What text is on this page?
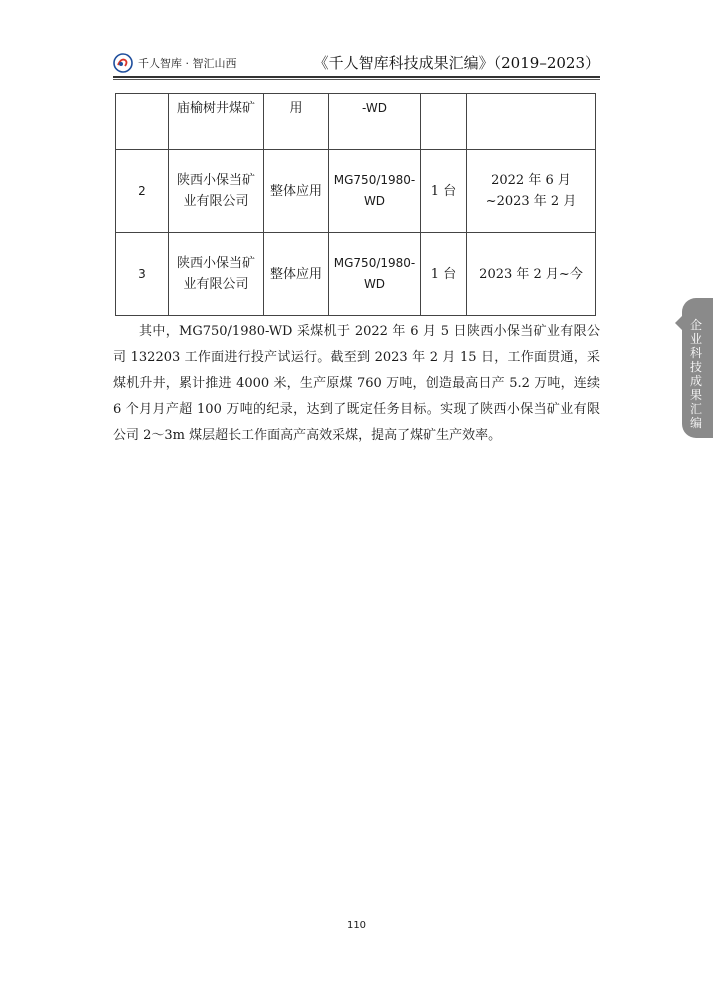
千人智库 · 智汇山西	《千人智库科技成果汇编》（2019–2023）
	庙榆树井煤矿	用	-WD		
2	陕西小保当矿业有限公司	整体应用	MG750/1980-WD	1 台	2022 年 6 月~2023 年 2 月
3	陕西小保当矿业有限公司	整体应用	MG750/1980-WD	1 台	2023 年 2 月~今

其中，MG750/1980-WD 采煤机于 2022 年 6 月 5 日陕西小保当矿业有限公司 132203 工作面进行投产试运行。截至到 2023 年 2 月 15 日，工作面贯通，采煤机升井，累计推进 4000 米，生产原煤 760 万吨，创造最高日产 5.2 万吨，连续 6 个月月产超 100 万吨的纪录，达到了既定任务目标。实现了陕西小保当矿业有限公司 2～3m 煤层超长工作面高产高效采煤，提高了煤矿生产效率。

企业科技成果汇编
110
